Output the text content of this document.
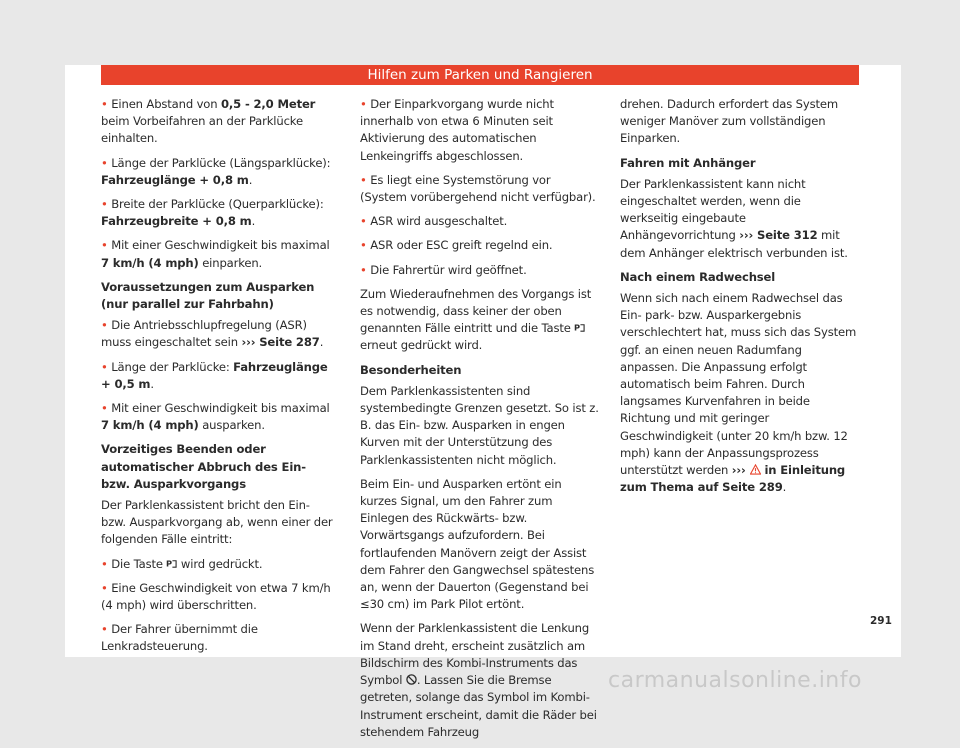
Hilfen zum Parken und Rangieren

• Einen Abstand von 0,5 - 2,0 Meter beim Vorbeifahren an der Parklücke einhalten.

• Länge der Parklücke (Längsparklücke): Fahrzeuglänge + 0,8 m.

• Breite der Parklücke (Querparklücke): Fahrzeugbreite + 0,8 m.

• Mit einer Geschwindigkeit bis maximal 7 km/h (4 mph) einparken.

Voraussetzungen zum Ausparken (nur parallel zur Fahrbahn)

• Die Antriebsschlupfregelung (ASR) muss eingeschaltet sein ››› Seite 287.

• Länge der Parklücke: Fahrzeuglänge + 0,5 m.

• Mit einer Geschwindigkeit bis maximal 7 km/h (4 mph) ausparken.

Vorzeitiges Beenden oder automatischer Abbruch des Ein- bzw. Ausparkvorgangs

Der Parklenkassistent bricht den Ein- bzw. Ausparkvorgang ab, wenn einer der folgenden Fälle eintritt:

• Die Taste P wird gedrückt.

• Eine Geschwindigkeit von etwa 7 km/h (4 mph) wird überschritten.

• Der Fahrer übernimmt die Lenkradsteuerung.

• Der Einparkvorgang wurde nicht innerhalb von etwa 6 Minuten seit Aktivierung des automatischen Lenkeingriffs abgeschlossen.

• Es liegt eine Systemstörung vor (System vorübergehend nicht verfügbar).

• ASR wird ausgeschaltet.

• ASR oder ESC greift regelnd ein.

• Die Fahrertür wird geöffnet.

Zum Wiederaufnehmen des Vorgangs ist es notwendig, dass keiner der oben genannten Fälle eintritt und die Taste P
erneut gedrückt wird.

Besonderheiten

Dem Parklenkassistenten sind systembedingte Grenzen gesetzt. So ist z. B. das Ein- bzw. Ausparken in engen Kurven mit der Unterstützung des Parklenkassistenten nicht möglich.

Beim Ein- und Ausparken ertönt ein kurzes Signal, um den Fahrer zum Einlegen des Rückwärts- bzw. Vorwärtsgangs aufzufordern. Bei fortlaufenden Manövern zeigt der Assist dem Fahrer den Gangwechsel spätestens an, wenn der Dauerton (Gegenstand bei ≤30 cm) im Park Pilot ertönt.

Wenn der Parklenkassistent die Lenkung im Stand dreht, erscheint zusätzlich am Bildschirm des Kombi-Instruments das Symbol . Lassen Sie die Bremse getreten, solange das Symbol im Kombi-Instrument erscheint, damit die Räder bei stehendem Fahrzeug

drehen. Dadurch erfordert das System weniger Manöver zum vollständigen Einparken.

Fahren mit Anhänger

Der Parklenkassistent kann nicht eingeschaltet werden, wenn die werkseitig eingebaute Anhängevorrichtung ››› Seite 312 mit dem Anhänger elektrisch verbunden ist.

Nach einem Radwechsel

Wenn sich nach einem Radwechsel das Ein- park- bzw. Ausparkergebnis verschlechtert hat, muss sich das System ggf. an einen neuen Radumfang anpassen. Die Anpassung erfolgt automatisch beim Fahren. Durch langsames Kurvenfahren in beide Richtung und mit geringer Geschwindigkeit (unter 20 km/h bzw. 12 mph) kann der Anpassungsprozess unterstützt werden ›››  in Einleitung zum Thema auf Seite 289.

291
carmanualsonline.info
